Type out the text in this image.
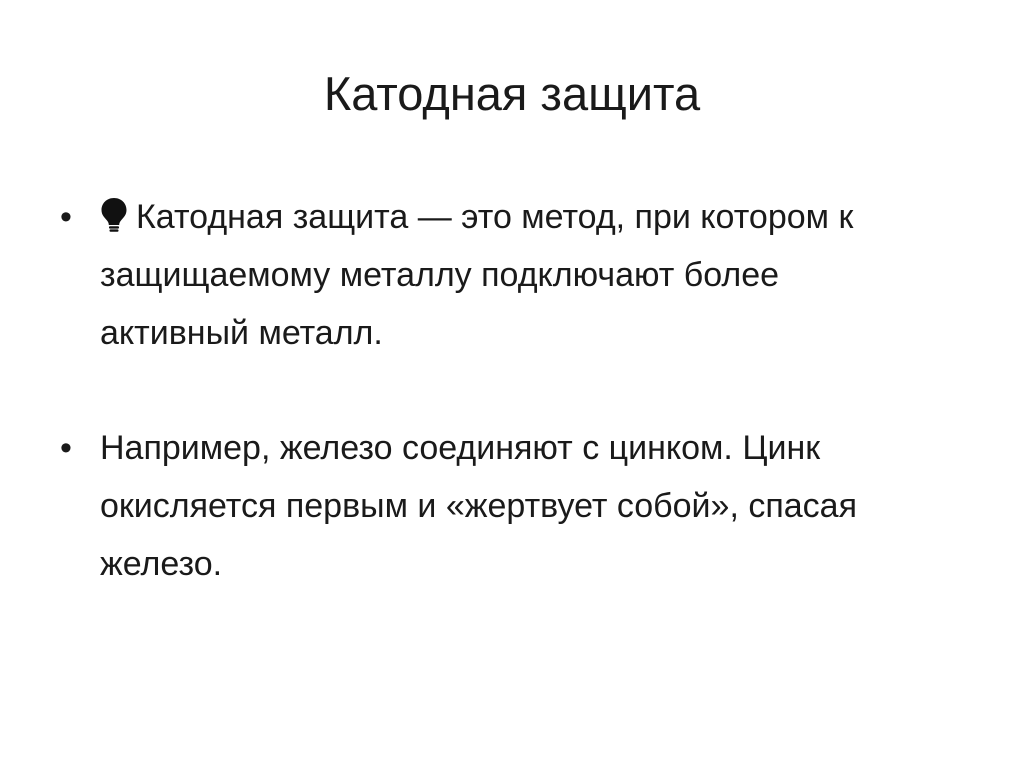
Катодная защита
• Катодная защита — это метод, при котором к защищаемому металлу подключают более активный металл.
• Например, железо соединяют с цинком. Цинк окисляется первым и «жертвует собой», спасая железо.
